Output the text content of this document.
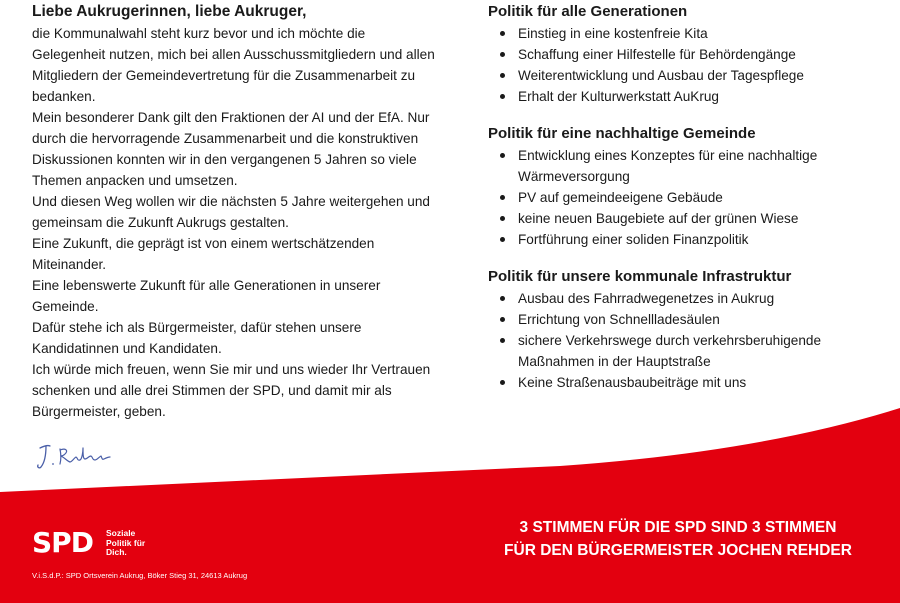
Liebe Aukrugerinnen, liebe Aukruger,

die Kommunalwahl steht kurz bevor und ich möchte die Gelegenheit nutzen, mich bei allen Ausschussmitgliedern und allen Mitgliedern der Gemeindevertretung für die Zusammenarbeit zu bedanken.

Mein besonderer Dank gilt den Fraktionen der AI und der EfA. Nur durch die hervorragende Zusammenarbeit und die konstruktiven Diskussionen konnten wir in den vergangenen 5 Jahren so viele Themen anpacken und umsetzen.

Und diesen Weg wollen wir die nächsten 5 Jahre weitergehen und gemeinsam die Zukunft Aukrugs gestalten.

Eine Zukunft, die geprägt ist von einem wertschätzenden Miteinander.

Eine lebenswerte Zukunft für alle Generationen in unserer Gemeinde.

Dafür stehe ich als Bürgermeister, dafür stehen unsere Kandidatinnen und Kandidaten.

Ich würde mich freuen, wenn Sie mir und uns wieder Ihr Vertrauen schenken und alle drei Stimmen der SPD, und damit mir als Bürgermeister, geben.

Politik für alle Generationen
Einstieg in eine kostenfreie Kita
Schaffung einer Hilfestelle für Behördengänge
Weiterentwicklung und Ausbau der Tagespflege
Erhalt der Kulturwerkstatt AuKrug
Politik für eine nachhaltige Gemeinde
Entwicklung eines Konzeptes für eine nachhaltige Wärmeversorgung
PV auf gemeindeeigene Gebäude
keine neuen Baugebiete auf der grünen Wiese
Fortführung einer soliden Finanzpolitik
Politik für unsere kommunale Infrastruktur
Ausbau des Fahrradwegenetzes in Aukrug
Errichtung von Schnellladesäulen
sichere Verkehrswege durch verkehrsberuhigende Maßnahmen in der Hauptstraße
Keine Straßenausbaubeiträge mit uns
SPD Soziale
Politik für
Dich.
V.i.S.d.P.: SPD Ortsverein Aukrug, Böker Stieg 31, 24613 Aukrug
3 STIMMEN FÜR DIE SPD SIND 3 STIMMEN
FÜR DEN BÜRGERMEISTER JOCHEN REHDER
